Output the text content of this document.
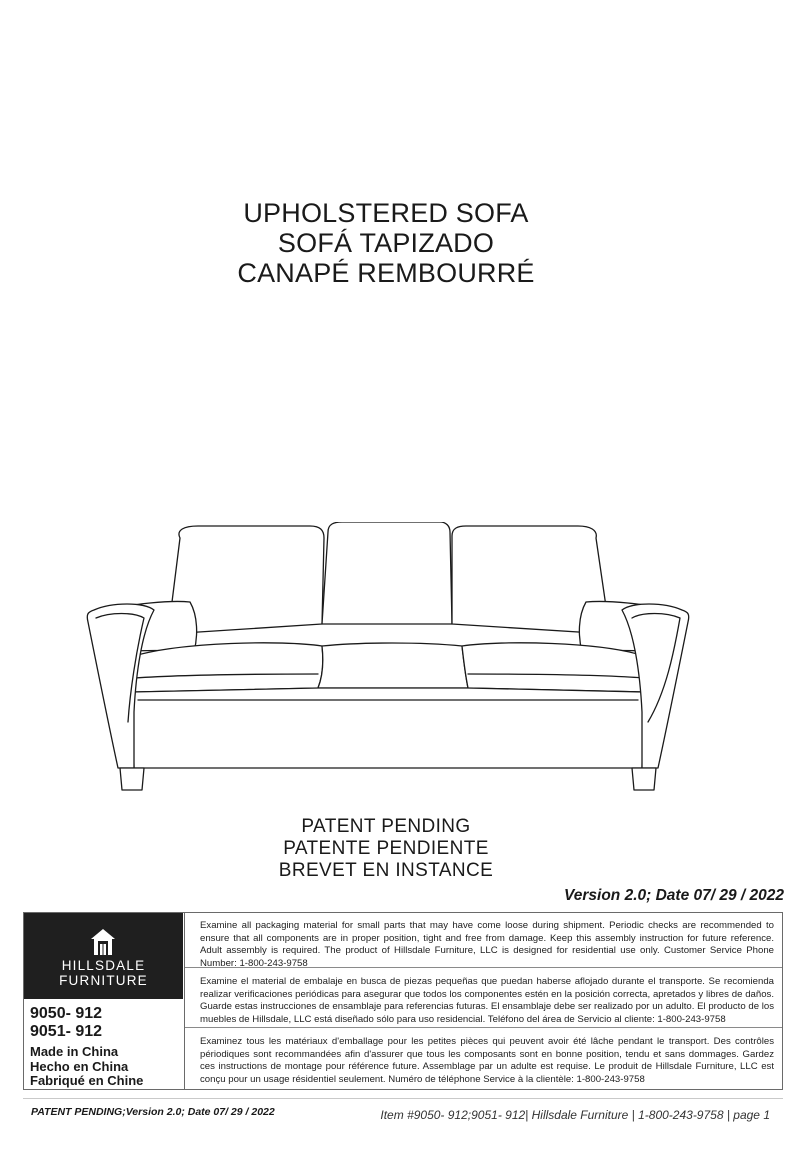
UPHOLSTERED SOFA
SOFÁ TAPIZADO
CANAPÉ REMBOURRÉ
PATENT PENDING
PATENTE PENDIENTE
BREVET EN INSTANCE
Version 2.0; Date 07/ 29 / 2022
HILLSDALE
FURNITURE
9050- 912
9051- 912
Made in China
Hecho en China
Fabriqué en Chine
Examine all packaging material for small parts that may have come loose during shipment. Periodic checks are recommended to ensure that all components are in proper position, tight and free from damage. Keep this assembly instruction for future reference. Adult assembly is required. The product of Hillsdale Furniture, LLC is designed for residential use only. Customer Service Phone Number: 1-800-243-9758
Examine el material de embalaje en busca de piezas pequeñas que puedan haberse aflojado durante el transporte. Se recomienda realizar verificaciones periódicas para asegurar que todos los componentes estén en la posición correcta, apretados y libres de daños. Guarde estas instrucciones de ensamblaje para referencias futuras. El ensamblaje debe ser realizado por un adulto. El producto de los muebles de Hillsdale, LLC está diseñado sólo para uso residencial. Teléfono del área de Servicio al cliente: 1-800-243-9758
Examinez tous les matériaux d'emballage pour les petites pièces qui peuvent avoir été lâche pendant le transport. Des contrôles périodiques sont recommandées afin d'assurer que tous les composants sont en bonne position, tendu et sans dommages. Gardez ces instructions de montage pour référence future. Assemblage par un adulte est requise. Le produit de Hillsdale Furniture, LLC est conçu pour un usage résidentiel seulement. Numéro de téléphone Service à la clientèle: 1-800-243-9758
PATENT PENDING;Version 2.0; Date 07/ 29 / 2022	Item #9050- 912;9051- 912| Hillsdale Furniture | 1-800-243-9758 | page 1
